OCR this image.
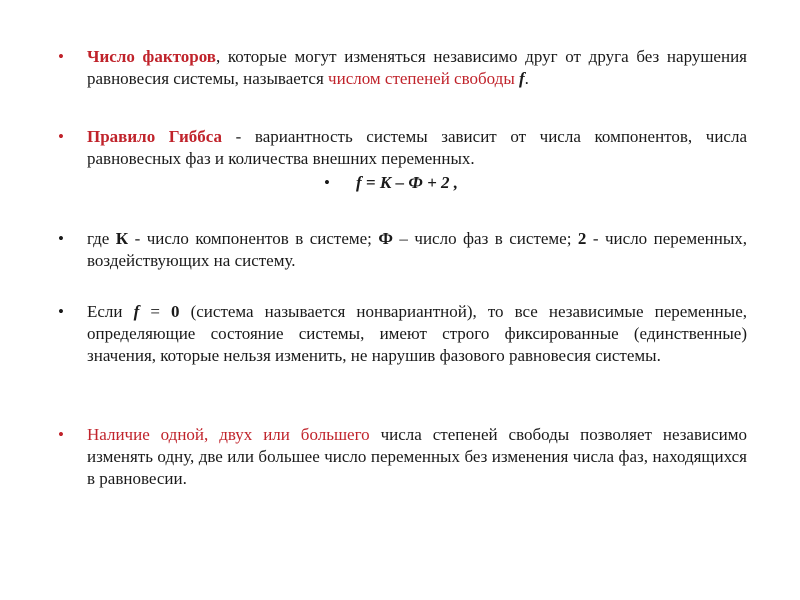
• Число факторов, которые могут изменяться независимо друг от друга без нарушения равновесия системы, называется числом степеней свободы f.
• Правило Гиббса - вариантность системы зависит от числа компонентов, числа равновесных фаз и количества внешних переменных.
• f = К – Ф + 2 ,
• где К - число компонентов в системе; Ф – число фаз в системе; 2 - число переменных, воздействующих на систему.
• Если f = 0 (система называется нонвариантной), то все независимые переменные, определяющие состояние системы, имеют строго фиксированные (единственные) значения, которые нельзя изменить, не нарушив фазового равновесия системы.
• Наличие одной, двух или большего числа степеней свободы позволяет независимо изменять одну, две или большее число переменных без изменения числа фаз, находящихся в равновесии.
